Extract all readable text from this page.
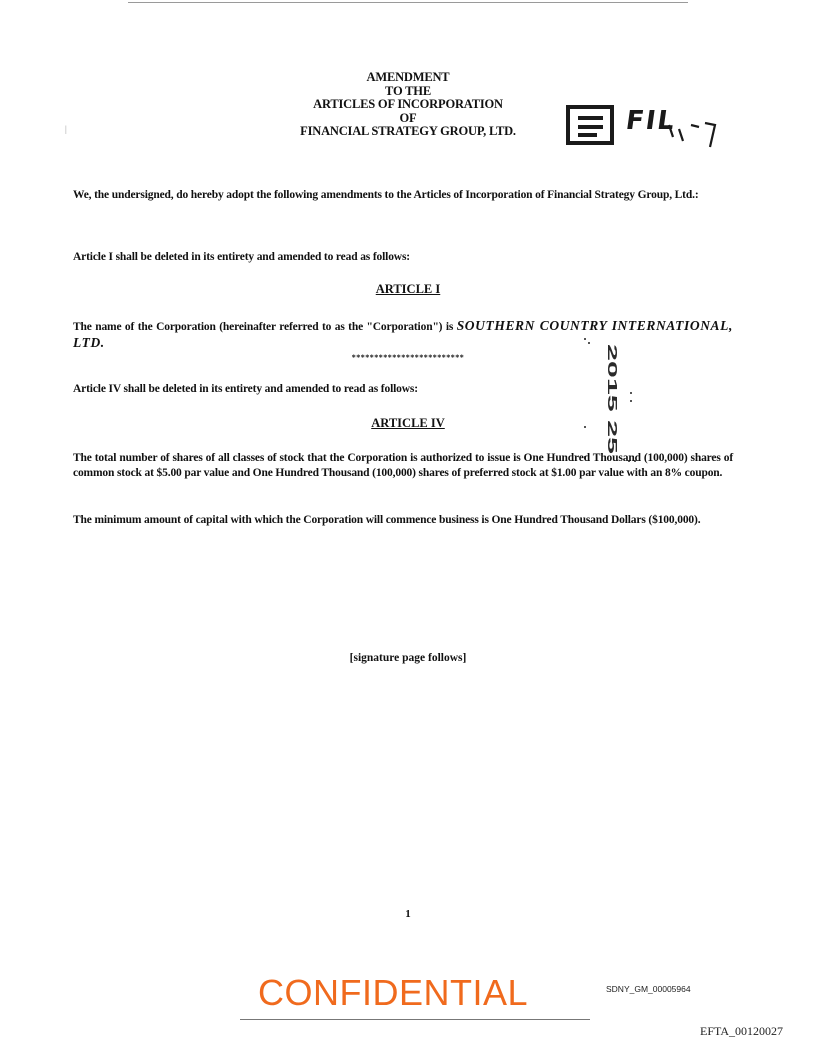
|
AMENDMENT
TO THE
ARTICLES OF INCORPORATION
OF
FINANCIAL STRATEGY GROUP, LTD.	FIL
We, the undersigned, do hereby adopt the following amendments to the Articles of Incorporation of Financial Strategy Group, Ltd.:
Article I shall be deleted in its entirety and amended to read as follows:
ARTICLE I
The name of the Corporation (hereinafter referred to as the "Corporation") is SOUTHERN COUNTRY INTERNATIONAL, LTD.
*************************	2015 25
Article IV shall be deleted in its entirety and amended to read as follows:
ARTICLE IV
The total number of shares of all classes of stock that the Corporation is authorized to issue is One Hundred Thousand (100,000) shares of common stock at $5.00 par value and One Hundred Thousand (100,000) shares of preferred stock at $1.00 par value with an 8% coupon.
The minimum amount of capital with which the Corporation will commence business is One Hundred Thousand Dollars ($100,000).
[signature page follows]
1
CONFIDENTIAL	SDNY_GM_00005964
EFTA_00120027
